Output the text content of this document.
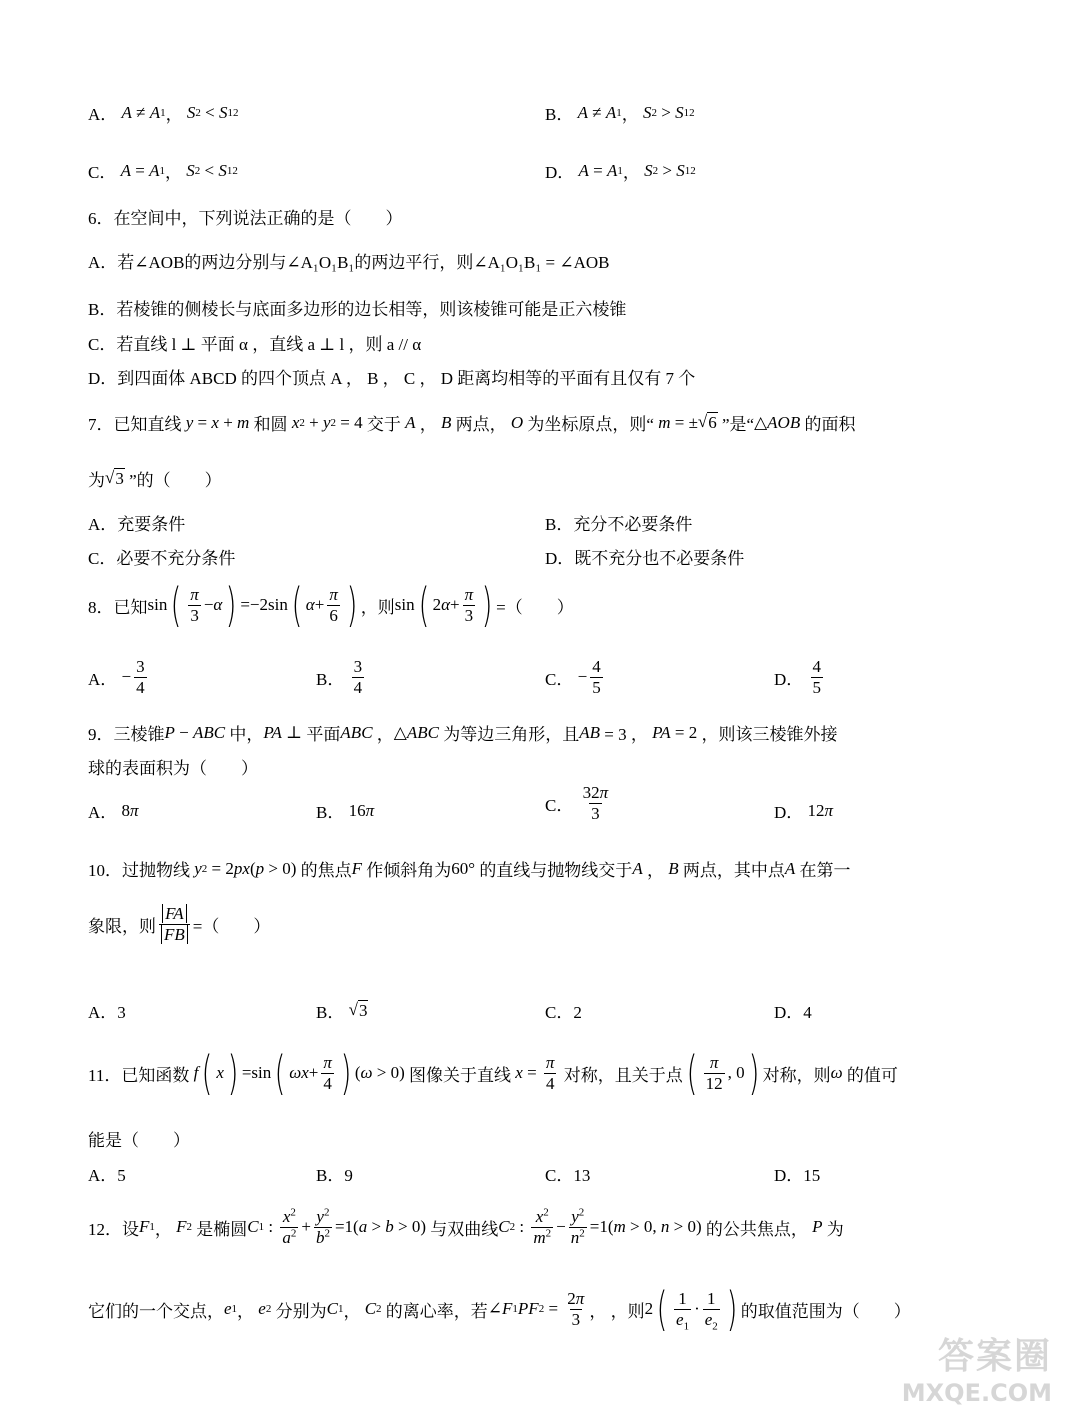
A．
A ≠ A 1 ， S 2 < S 1 2	B．
A ≠ A 1 ， S 2 > S 1 2
C．
A = A 1 ， S 2 < S 1 2	D．
A = A 1 ， S 2 > S 1 2
6． 在空间中，下列说法正确的是（　　）
A．若∠AOB的两边分别与∠A₁O₁B₁的两边平行，则∠A₁O₁B₁ = ∠AOB
B．若棱锥的侧棱长与底面多边形的边长相等，则该棱锥可能是正六棱锥
C．若直线 l ⊥ 平面 α ，直线 a ⊥ l ，则 a // α
D．到四面体 ABCD 的四个顶点 A ， B ， C ， D 距离均相等的平面有且仅有 7 个
7． 已知直线
y = x + m
和圆
x 2 + y 2 = 4 交于
A ， B
两点，
O
为坐标原点，则“
m = ± √ 6
”是“ △ AOB
的面积
为 √ 3
”的（　　）
A．充要条件	B．充分不必要条件
C．必要不充分条件	D．既不充分也不必要条件
8． 已知 sin ( $\frac{\pi}{3} - \alpha$ ) =−2sin ( $\alpha + \frac{\pi}{6}$ ) ，则 sin ( 2 $\alpha + \frac{\pi}{3}$ ) =（　　）
A． − $\frac{3}{4}$	B．
$\frac{3}{4}$	C． − $\frac{4}{5}$	D．
$\frac{4}{5}$
9． 三棱锥 P − ABC
中， PA ⊥ 平面 ABC
， △ ABC
为等边三角形，且 AB = 3 ， PA = 2 ，则该三棱锥外接
球的表面积为（　　）
A． 8 π	B． 16 π	C．
$\frac{32\pi}{3}$	D． 12 π
10． 过抛物线
y 2 = 2 px ( p > 0) 的焦点 F
作倾斜角为 60° 的直线与抛物线交于 A ， B
两点，其中点 A
在第一
象限，则 $\frac{FA}{FB}$ =（　　）
A．3	B．
√ 3	C．2	D．4
11． 已知函数
f ( x ) =sin ( $\omega x + \frac{\pi}{4}$ ) ( ω > 0) 图像关于直线
$x = \frac{\pi}{4}$
对称，且关于点 ( $\frac{\pi}{12}$ , 0 ) 对称，则 ω
的值可
能是（　　）
A．5	B．9	C．13	D．15
12． 设 F 1 ， F 2
是椭圆 C 1 : $\frac{x^2}{a^2} + \frac{y^2}{b^2} =1$( a > b > 0) 与双曲线 C 2 : $\frac{x^2}{m^2} - \frac{y^2}{n^2} =1$( m > 0, n > 0) 的公共焦点，
P
为
它们的一个交点， e 1 ， e 2
分别为 C 1 ， C 2
的离心率，若 ∠ F 1 PF $2 = \frac{2\pi}{3}$ ， ，则 2 ( $\frac{1}{e_1} \cdot \frac{1}{e_2}$ ) 的取值范围为（　　）
答案圈
MXQE.COM
